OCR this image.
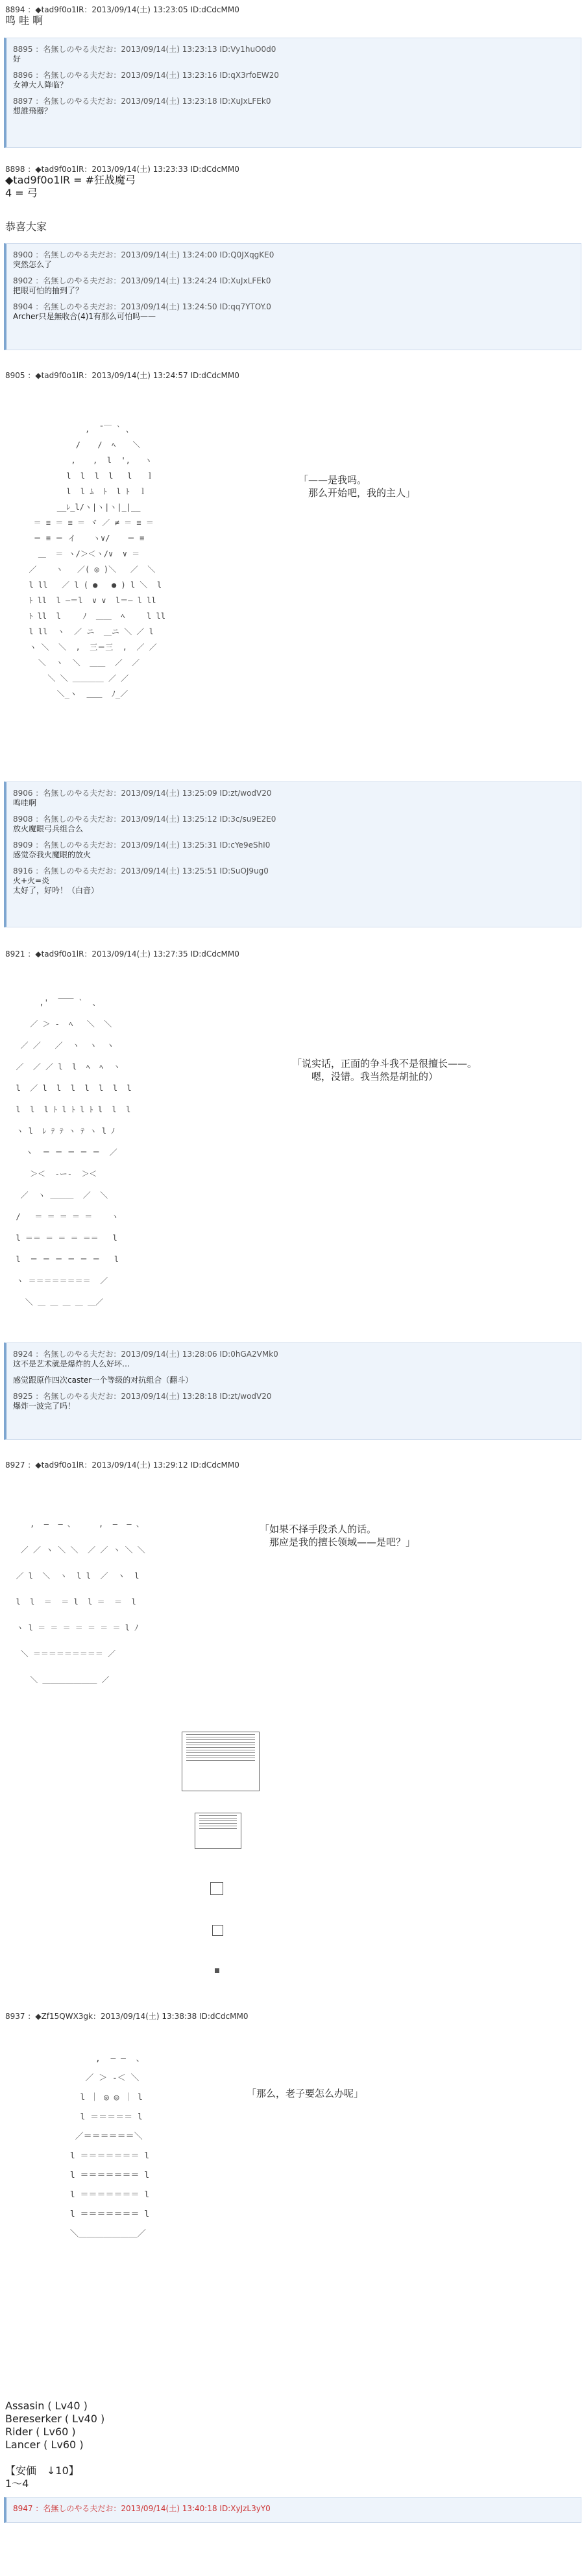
8894 ：◆tad9f0o1lR：2013/09/14(土) 13:23:05 ID:dCdcMM0
鸣 哇 啊
8895 ：名無しのやる夫だお：2013/09/14(土) 13:23:13 ID:Vy1huO0d0
好
8896 ：名無しのやる夫だお：2013/09/14(土) 13:23:16 ID:qX3rfoEW20
女神大人降临？
8897 ：名無しのやる夫だお：2013/09/14(土) 13:23:18 ID:XuJxLFEk0
想誰飛器？
8898 ：◆tad9f0o1lR：2013/09/14(土) 13:23:33 ID:dCdcMM0
◆tad9f0o1lR = #狂战魔弓
4 = 弓
恭喜大家
8900 ：名無しのやる夫だお：2013/09/14(土) 13:24:00 ID:Q0JXqgKE0
突然怎么了
8902 ：名無しのやる夫だお：2013/09/14(土) 13:24:24 ID:XuJxLFEk0
把眼可怕的抽到了？
8904 ：名無しのやる夫だお：2013/09/14(土) 13:24:50 ID:qq7YTOY.0
Archer只是無收合(4)1有那么可怕吗——
8905 ：◆tad9f0o1lR：2013/09/14(土) 13:24:57 ID:dCdcMM0
,  ̄ ￣ ` 、
/　  /  ﾍ　  ＼
,　  ,  l  ',   ヽ
l  l  l  l   l   ｌ
l  l ﾑ  ﾄ  l ﾄ  ｌ
__ﾚ_l/ヽ|ヽ|ヽ|_|__
＝ ≡ ＝ ≡ ＝ ヾ ／ ≠ ＝ ≡ ＝
＝ ≡ ＝ イ 　 ヽ∨/ 　 ＝ ≡
＿  ＝ ヽ/＞＜ヽ/∨  ∨ ＝
／    ヽ   ／( ◎ )＼   ／  ＼
l ll   ／ l ( ●   ● ) l ＼  l
ﾄ ll  l ―＝l  ∨ ∨  l＝― l ll
ﾄ ll  l 　  ﾉ  ＿＿  ﾍ 　  l ll
l ll  ヽ  ／ ニ  ＿ニ ＼ ／ l
ヽ ＼  ＼  ,  三＝三  ,  ／ ／
＼  ヽ  ＼  ＿＿  ／  ／
＼ ＼ ＿＿＿＿ ／ ／
＼_ヽ  ＿＿  ﾉ_／
「——是我吗。
　那么开始吧，我的主人」
8906 ：名無しのやる夫だお：2013/09/14(土) 13:25:09 ID:zt/wodV20
鸣哇啊
8908 ：名無しのやる夫だお：2013/09/14(土) 13:25:12 ID:3c/su9E2E0
放火魔眼弓兵组合么
8909 ：名無しのやる夫だお：2013/09/14(土) 13:25:31 ID:cYe9eShI0
感觉奈我火魔眼的放火
8916 ：名無しのやる夫だお：2013/09/14(土) 13:25:51 ID:SuOJ9ug0
火+火=炎
太好了，好吟！（白音）
8921 ：◆tad9f0o1lR：2013/09/14(土) 13:27:35 ID:dCdcMM0
,'  ￣￣ `  、
／ ＞ -  ﾍ   ＼  ＼
／ ／   ／  ヽ  ヽ  ヽ
／  ／ ／ l  l  ﾍ  ﾍ  ヽ
l  ／ l  l  l  l  l  l  l
l  l  l ﾄ l ﾄ l ﾄ l  l  l
ヽ l  ﾚ ﾃ ﾃ ヽ ﾃ ヽ l ﾉ
ヽ  ＝ ＝ ＝ ＝ ＝  ／
＞＜  ‐ー‐  ＞＜
／  ヽ ＿＿＿  ／  ＼
/   ＝ ＝ ＝ ＝ ＝    ヽ
l ＝＝ ＝ ＝ ＝ ＝＝   l
l  ＝ ＝ ＝ ＝ ＝ ＝   l
ヽ ＝＝＝＝＝＝＝＝  ／
＼ ＿ ＿ ＿ ＿ ＿／
「说实话，正面的争斗我不是很擅长——。
　　嗯，没错。我当然是胡扯的）
8924 ：名無しのやる夫だお：2013/09/14(土) 13:28:06 ID:0hGA2VMk0
这不是艺术就是爆炸的人么好坏…
感觉跟原作四次caster一个等级的对抗组合（翻斗）
8925 ：名無しのやる夫だお：2013/09/14(土) 13:28:18 ID:zt/wodV20
爆炸一波完了吗！
8927 ：◆tad9f0o1lR：2013/09/14(土) 13:29:12 ID:dCdcMM0
,  ―  ― 、     ,  ―  ― 、
／ ／ ヽ ＼ ＼  ／ ／ ヽ ＼ ＼
／ l  ＼  ヽ  l l  ／  ヽ  l
l  l  ＝  ＝ l  l ＝  ＝  l
ヽ l ＝ ＝ ＝ ＝ ＝ ＝ ＝ l ﾉ
＼ ＝＝＝＝＝＝＝＝＝ ／
＼ ＿＿＿＿＿＿＿ ／
「如果不择手段杀人的话。
　那应是我的擅长领域——是吧？」
8937 ：◆Zf15QWX3gk：2013/09/14(土) 13:38:38 ID:dCdcMM0
,  ― ―  、
／ ＞ -＜ ＼
l ｜ ◎ ◎ ｜ l
l ＝＝＝＝＝ l
／＝＝＝＝＝＝＼
l ＝＝＝＝＝＝＝ l
l ＝＝＝＝＝＝＝ l
l ＝＝＝＝＝＝＝ l
l ＝＝＝＝＝＝＝ l
＼＿＿＿＿＿＿＿／
「那么，老子要怎么办呢」
Assasin ( Lv40 )
Bereserker ( Lv40 )
Rider ( Lv60 )
Lancer ( Lv60 )
【安価　↓10】
1～4
8947 ：名無しのやる夫だお：2013/09/14(土) 13:40:18 ID:XyJzL3yY0
